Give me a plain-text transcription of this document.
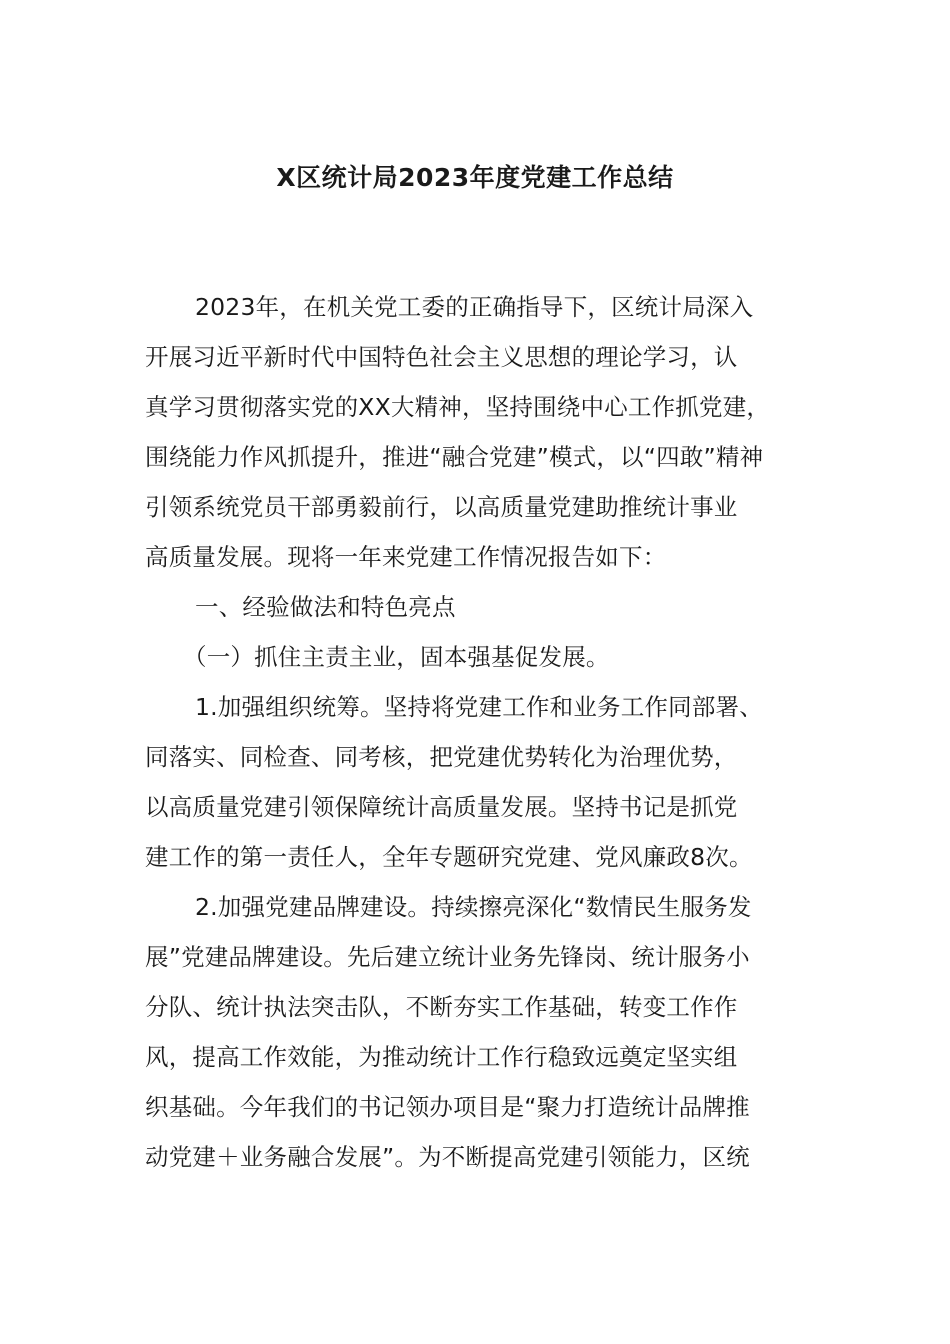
X区统计局2023年度党建工作总结
2023年，在机关党工委的正确指导下，区统计局深入
开展习近平新时代中国特色社会主义思想的理论学习，认
真学习贯彻落实党的XX大精神，坚持围绕中心工作抓党建，
围绕能力作风抓提升，推进“融合党建”模式，以“四敢”精神
引领系统党员干部勇毅前行，以高质量党建助推统计事业
高质量发展。现将一年来党建工作情况报告如下：
一、经验做法和特色亮点
（一）抓住主责主业，固本强基促发展。
1.加强组织统筹。坚持将党建工作和业务工作同部署、
同落实、同检查、同考核，把党建优势转化为治理优势，
以高质量党建引领保障统计高质量发展。坚持书记是抓党
建工作的第一责任人，全年专题研究党建、党风廉政8次。
2.加强党建品牌建设。持续擦亮深化“数情民生服务发
展”党建品牌建设。先后建立统计业务先锋岗、统计服务小
分队、统计执法突击队，不断夯实工作基础，转变工作作
风，提高工作效能，为推动统计工作行稳致远奠定坚实组
织基础。今年我们的书记领办项目是“聚力打造统计品牌推
动党建＋业务融合发展”。为不断提高党建引领能力，区统
